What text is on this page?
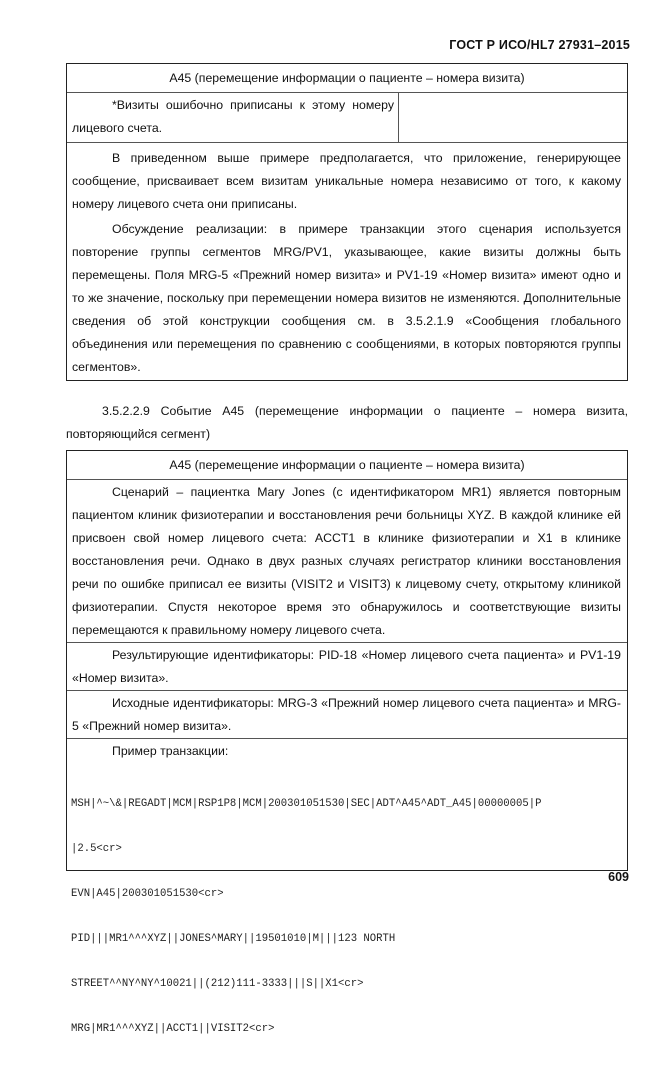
ГОСТ Р ИСО/HL7 27931–2015
A45 (перемещение информации о пациенте – номера визита)

*Визиты ошибочно приписаны к этому номеру лицевого счета.

В приведенном выше примере предполагается, что приложение, генерирующее сообщение, присваивает всем визитам уникальные номера независимо от того, к какому номеру лицевого счета они приписаны.

Обсуждение реализации: в примере транзакции этого сценария используется повторение группы сегментов MRG/PV1, указывающее, какие визиты должны быть перемещены. Поля MRG-5 «Прежний номер визита» и PV1-19 «Номер визита» имеют одно и то же значение, поскольку при перемещении номера визитов не изменяются. Дополнительные сведения об этой конструкции сообщения см. в 3.5.2.1.9 «Сообщения глобального объединения или перемещения по сравнению с сообщениями, в которых повторяются группы сегментов».

3.5.2.2.9 Событие A45 (перемещение информации о пациенте – номера визита, повторяющийся сегмент)

A45 (перемещение информации о пациенте – номера визита)

Сценарий – пациентка Mary Jones (с идентификатором MR1) является повторным пациентом клиник физиотерапии и восстановления речи больницы XYZ. В каждой клинике ей присвоен свой номер лицевого счета: ACCT1 в клинике физиотерапии и X1 в клинике восстановления речи. Однако в двух разных случаях регистратор клиники восстановления речи по ошибке приписал ее визиты (VISIT2 и VISIT3) к лицевому счету, открытому клиникой физиотерапии. Спустя некоторое время это обнаружилось и соответствующие визиты перемещаются к правильному номеру лицевого счета.

Результирующие идентификаторы: PID-18 «Номер лицевого счета пациента» и PV1-19 «Номер визита».

Исходные идентификаторы: MRG-3 «Прежний номер лицевого счета пациента» и MRG-5 «Прежний номер визита».

Пример транзакции:

MSH|^~\&|REGADT|MCM|RSP1P8|MCM|200301051530|SEC|ADT^A45^ADT_A45|00000005|P

|2.5<cr>

EVN|A45|200301051530<cr>

PID|||MR1^^^XYZ||JONES^MARY||19501010|M|||123 NORTH

STREET^^NY^NY^10021||(212)111-3333|||S||X1<cr>

MRG|MR1^^^XYZ||ACCT1||VISIT2<cr>

609
